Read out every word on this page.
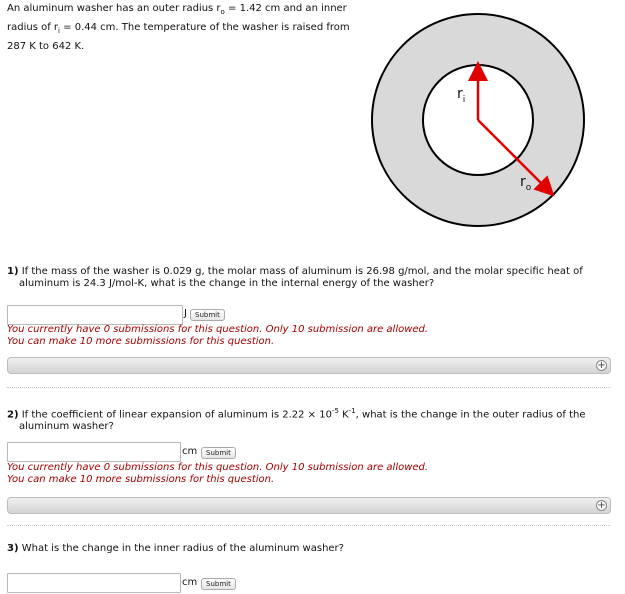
An aluminum washer has an outer radius $r_o = 1.42$ cm and an inner radius of $r_i = 0.44$ cm. The temperature of the washer is raised from 287 K to 642 K.
$r_i$
$r_o$
1) If the mass of the washer is 0.029 g, the molar mass of aluminum is 26.98 g/mol, and the molar specific heat of
aluminum is 24.3 J/mol-K, what is the change in the internal energy of the washer?
J	Submit
You currently have 0 submissions for this question. Only 10 submission are allowed.
You can make 10 more submissions for this question.
+
2) If the coefficient of linear expansion of aluminum is $2.22 \times 10^{-5}$ $K^{-1}$, what is the change in the outer radius of the
aluminum washer?
cm	Submit
You currently have 0 submissions for this question. Only 10 submission are allowed.
You can make 10 more submissions for this question.
+
3) What is the change in the inner radius of the aluminum washer?
cm	Submit
